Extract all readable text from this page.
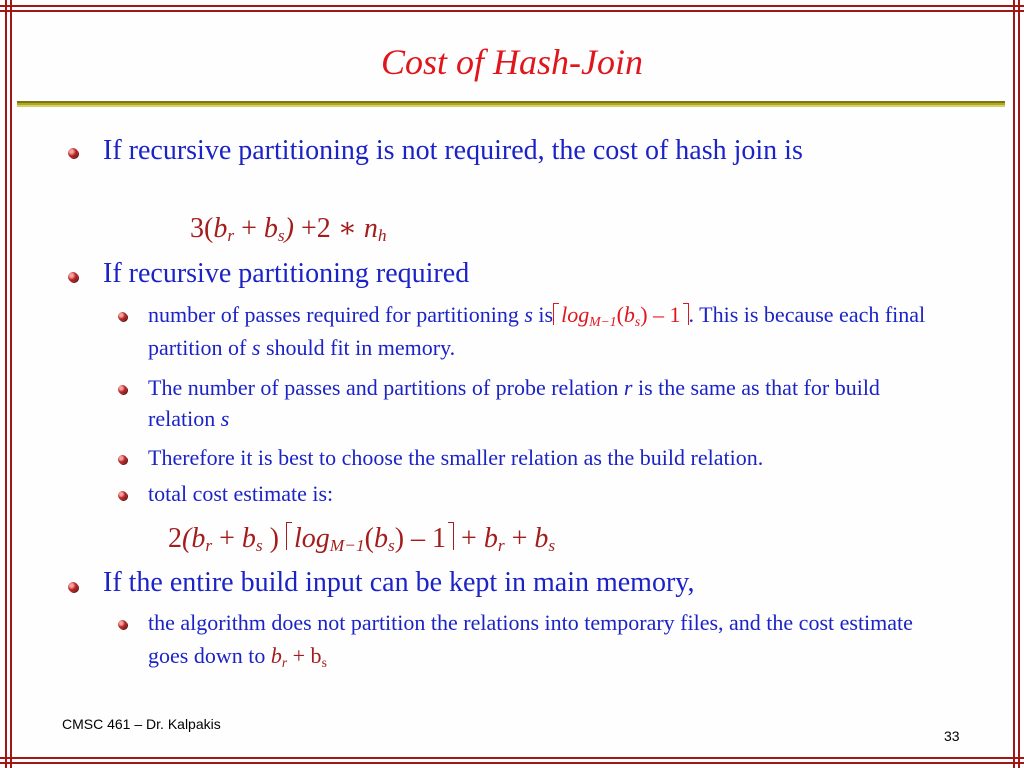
Cost of Hash-Join
If recursive partitioning is not required, the cost of hash join is
$3(b_r + b_s) +2$ ∗ $n_h$
If recursive partitioning required
number of passes required for partitioning s is $\log_{M-1}(b_s) - 1$ . This is because each final partition of s should fit in memory.
The number of passes and partitions of probe relation r is the same as that for build relation s
Therefore it is best to choose the smaller relation as the build relation.
total cost estimate is:
$2(b_r + b_s$ ) $\log_{M-1}(b_s) - 1 + b_r + b_s$
If the entire build input can be kept in main memory,
the algorithm does not partition the relations into temporary files, and the cost estimate goes down to $b_r + b_s$
CMSC 461 – Dr. Kalpakis
33
